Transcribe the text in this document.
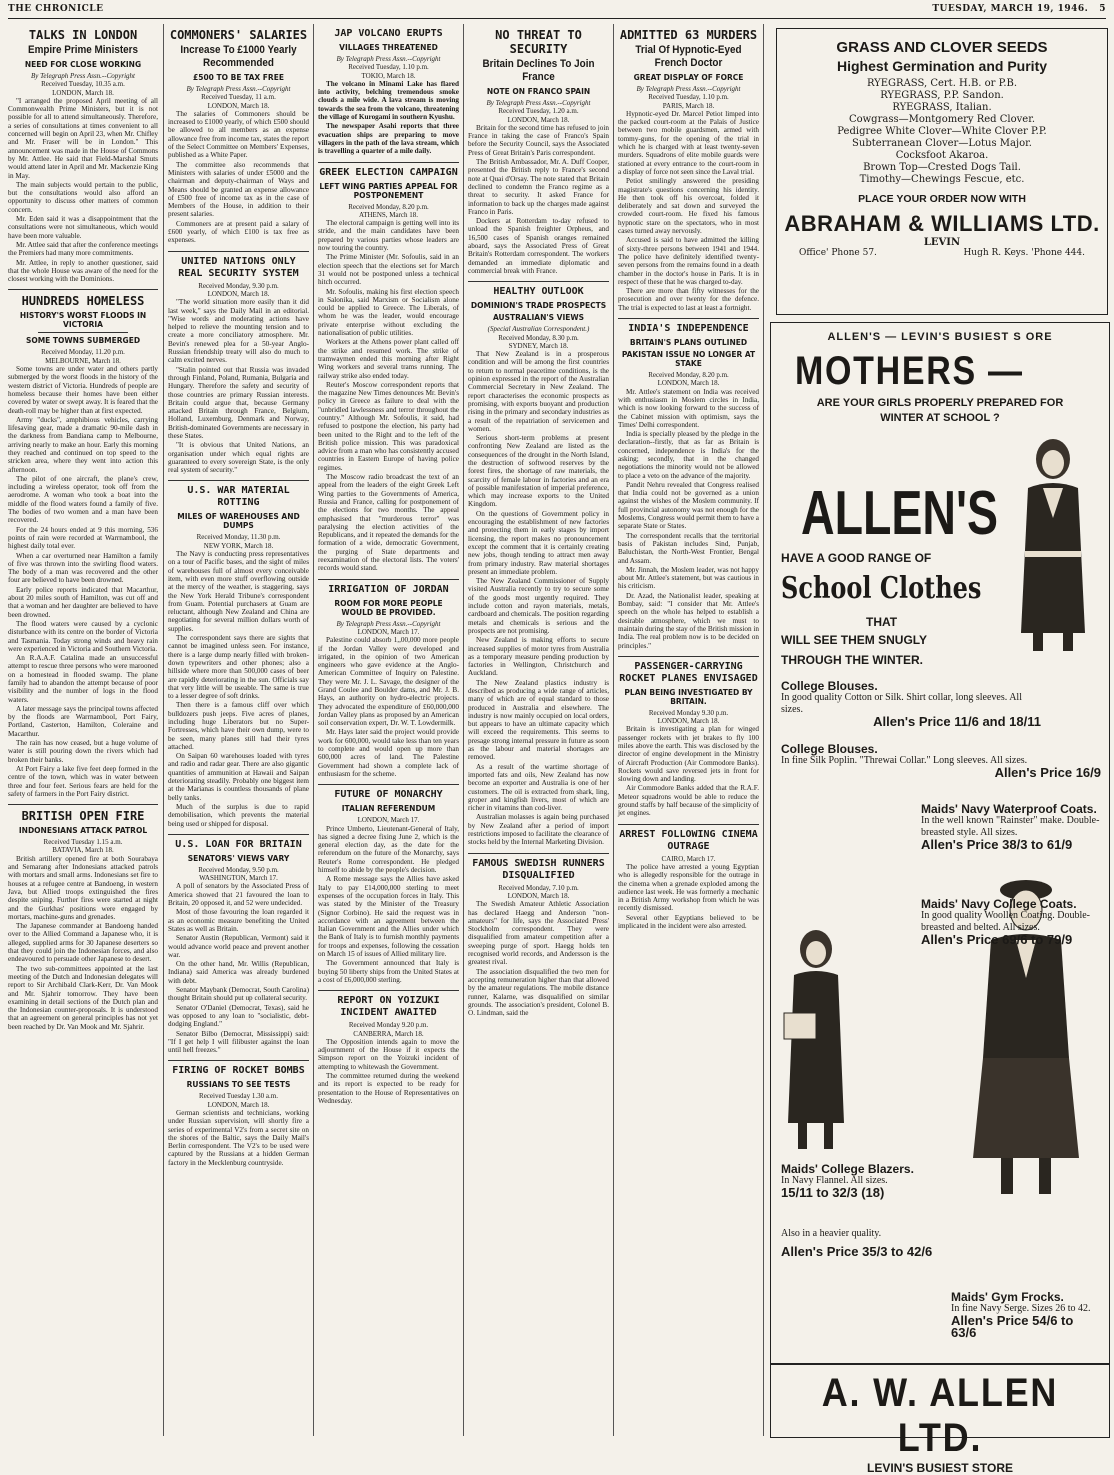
THE CHRONICLE	TUESDAY, MARCH 19, 1946. 5
TALKS IN LONDON
Empire Prime Ministers
NEED FOR CLOSE WORKING
By Telegraph Press Assn.--Copyright
Received Tuesday, 10.35 a.m.
LONDON, March 18.

"I arranged the proposed April meeting of all Commonwealth Prime Ministers, but it is not possible for all to attend simultaneously. Therefore, a series of consultations at times convenient to all concerned will begin on April 23, when Mr. Chifley and Mr. Fraser will be in London." This announcement was made in the House of Commons by Mr. Attlee. He said that Field-Marshal Smuts would attend later in April and Mr. Mackenzie King in May.

The main subjects would pertain to the public, but the consultations would also afford an opportunity to discuss other matters of common concern.

Mr. Eden said it was a disappointment that the consultations were not simultaneous, which would have been more valuable.

Mr. Attlee said that after the conference meetings the Premiers had many more commitments.

Mr. Attlee, in reply to another questioner, said that the whole House was aware of the need for the closest working with the Dominions.

HUNDREDS HOMELESS
HISTORY'S WORST FLOODS IN VICTORIA
SOME TOWNS SUBMERGED
Received Monday, 11.20 p.m.
MELBOURNE, March 18.

Some towns are under water and others partly submerged by the worst floods in the history of the western district of Victoria. Hundreds of people are homeless because their homes have been either covered by water or swept away. It is feared that the death-roll may be higher than at first expected.

Army "ducks", amphibious vehicles, carrying lifesaving gear, made a dramatic 90-mile dash in the darkness from Bandiana camp to Melbourne, arriving nearly to make an hour. Early this morning they reached and continued on top speed to the stricken area, where they went into action this afternoon.

The pilot of one aircraft, the plane's crew, including a wireless operator, took off from the aerodrome. A woman who took a boat into the middle of the flood waters found a family of five. The bodies of two women and a man have been recovered.

For the 24 hours ended at 9 this morning, 536 points of rain were recorded at Warrnambool, the highest daily total ever.

When a car overturned near Hamilton a family of five was thrown into the swirling flood waters. The body of a man was recovered and the other four are believed to have been drowned.

Early police reports indicated that Macarthur, about 20 miles south of Hamilton, was cut off and that a woman and her daughter are believed to have been drowned.

The flood waters were caused by a cyclonic disturbance with its centre on the border of Victoria and Tasmania. Today strong winds and heavy rain were experienced in Victoria and Southern Victoria.

An R.A.A.F. Catalina made an unsuccessful attempt to rescue three persons who were marooned on a homestead in flooded swamp. The plane family had to abandon the attempt because of poor visibility and the number of logs in the flood waters.

A later message says the principal towns affected by the floods are Warrnambool, Port Fairy, Portland, Casterton, Hamilton, Coleraine and Macarthur.

The rain has now ceased, but a huge volume of water is still pouring down the rivers which had broken their banks.

At Port Fairy a lake five feet deep formed in the centre of the town, which was in water between three and four feet. Serious fears are held for the safety of farmers in the Port Fairy district.

BRITISH OPEN FIRE
INDONESIANS ATTACK PATROL
Received Tuesday 1.15 a.m.
BATAVIA, March 18.

British artillery opened fire at both Sourabaya and Semarang after Indonesians attacked patrols with mortars and small arms. Indonesians set fire to houses at a refugee centre at Bandoeng, in western Java, but Allied troops extinguished the fires despite sniping. Further fires were started at night and the Gurkhas' positions were engaged by mortars, machine-guns and grenades.

The Japanese commander at Bandoeng handed over to the Allied Command a Japanese who, it is alleged, supplied arms for 30 Japanese deserters so that they could join the Indonesian forces, and also endeavoured to persuade other Japanese to desert.

The two sub-committees appointed at the last meeting of the Dutch and Indonesian delegates will report to Sir Archibald Clark-Kerr, Dr. Van Mook and Mr. Sjahrir tomorrow. They have been examining in detail sections of the Dutch plan and the Indonesian counter-proposals. It is understood that an agreement on general principles has not yet been reached by Dr. Van Mook and Mr. Sjahrir.

COMMONERS' SALARIES
Increase To £1000 Yearly Recommended
£500 TO BE TAX FREE
By Telegraph Press Assn.--Copyright
Received Tuesday, 11 a.m.
LONDON, March 18.

The salaries of Commoners should be increased to £1000 yearly, of which £500 should be allowed to all members as an expense allowance free from income tax, states the report of the Select Committee on Members' Expenses, published as a White Paper.

The committee also recommends that Ministers with salaries of under £5000 and the chairman and deputy-chairman of Ways and Means should be granted an expense allowance of £500 free of income tax as in the case of Members of the House, in addition to their present salaries.

Commoners are at present paid a salary of £600 yearly, of which £100 is tax free as expenses.

UNITED NATIONS ONLY REAL SECURITY SYSTEM
Received Monday, 9.30 p.m.
LONDON, March 18.

"The world situation more easily than it did last week," says the Daily Mail in an editorial. "Wise words and moderating actions have helped to relieve the mounting tension and to create a more conciliatory atmosphere. Mr. Bevin's renewed plea for a 50-year Anglo-Russian friendship treaty will also do much to calm excited nerves.

"Stalin pointed out that Russia was invaded through Finland, Poland, Rumania, Bulgaria and Hungary. Therefore the safety and security of those countries are primary Russian interests. Britain could argue that, because Germany attacked Britain through France, Belgium, Holland, Luxemburg, Denmark and Norway, British-dominated Governments are necessary in these States.

"It is obvious that United Nations, an organisation under which equal rights are guaranteed to every sovereign State, is the only real system of security."

U.S. WAR MATERIAL ROTTING
MILES OF WAREHOUSES AND DUMPS
Received Monday, 11.30 p.m.
NEW YORK, March 18.

The Navy is conducting press representatives on a tour of Pacific bases, and the sight of miles of warehouses full of almost every conceivable item, with even more stuff overflowing outside at the mercy of the weather, is staggering, says the New York Herald Tribune's correspondent from Guam. Potential purchasers at Guam are reluctant, although New Zealand and China are negotiating for several million dollars worth of supplies.

The correspondent says there are sights that cannot be imagined unless seen. For instance, there is a large dump nearly filled with broken-down typewriters and other phones; also a hillside where more than 500,000 cases of beer are rapidly deteriorating in the sun. Officials say that very little will be useable. The same is true to a lesser degree of soft drinks.

Then there is a famous cliff over which bulldozers push jeeps. Five acres of planes, including huge Liberators but no Super-Fortresses, which have their own dump, were to be seen, many planes still had their tyres attached.

On Saipan 60 warehouses loaded with tyres and radio and radar gear. There are also gigantic quantities of ammunition at Hawaii and Saipan deteriorating steadily. Probably one biggest item at the Marianas is countless thousands of plane belly tanks.

Much of the surplus is due to rapid demobilisation, which prevents the material being used or shipped for disposal.

U.S. LOAN FOR BRITAIN
SENATORS' VIEWS VARY
Received Monday, 9.50 p.m.
WASHINGTON, March 17.

A poll of senators by the Associated Press of America showed that 21 favoured the loan to Britain, 20 opposed it, and 52 were undecided.

Most of those favouring the loan regarded it as an economic measure benefiting the United States as well as Britain.

Senator Austin (Republican, Vermont) said it would advance world peace and prevent another war.

On the other hand, Mr. Willis (Republican, Indiana) said America was already burdened with debt.

Senator Maybank (Democrat, South Carolina) thought Britain should put up collateral security.

Senator O'Daniel (Democrat, Texas), said he was opposed to any loan to "socialistic, debt-dodging England."

Senator Bilbo (Democrat, Mississippi) said: "If I get help I will filibuster against the loan until hell freezes."

FIRING OF ROCKET BOMBS
RUSSIANS TO SEE TESTS
Received Tuesday 1.30 a.m.
LONDON, March 18.

German scientists and technicians, working under Russian supervision, will shortly fire a series of experimental V2's from a secret site on the shores of the Baltic, says the Daily Mail's Berlin correspondent. The V2's to be used were captured by the Russians at a hidden German factory in the Mecklenburg countryside.

JAP VOLCANO ERUPTS
VILLAGES THREATENED
By Telegraph Press Assn.--Copyright
Received Tuesday, 1.10 p.m.
TOKIO, March 18.

The volcano in Minami Lake has flared into activity, belching tremendous smoke clouds a mile wide. A lava stream is moving towards the sea from the volcano, threatening the village of Kurogami in southern Kyushu.

The newspaper Asahi reports that three evacuation ships are preparing to move villagers in the path of the lava stream, which is travelling a quarter of a mile daily.

GREEK ELECTION CAMPAIGN
LEFT WING PARTIES APPEAL FOR POSTPONEMENT
Received Monday, 8.20 p.m.
ATHENS, March 18.

The electoral campaign is getting well into its stride, and the main candidates have been prepared by various parties whose leaders are now touring the country.

The Prime Minister (Mr. Sofoulis, said in an election speech that the elections set for March 31 would not be postponed unless a technical hitch occurred.

Mr. Sofoulis, making his first election speech in Salonika, said Marxism or Socialism alone could be applied to Greece. The Liberals, of whom he was the leader, would encourage private enterprise without excluding the nationalisation of public utilities.

Workers at the Athens power plant called off the strike and resumed work. The strike of tramwaymen ended this morning after Right Wing workers and several trams running. The railway strike also ended today.

Reuter's Moscow correspondent reports that the magazine New Times denounces Mr. Bevin's policy in Greece as failure to deal with the "unbridled lawlessness and terror throughout the country." Although Mr. Sofoulis, it said, had refused to postpone the election, his party had been united to the Right and to the left of the British police mission. This was paradoxical advice from a man who has consistently accused countries in Eastern Europe of having police regimes.

The Moscow radio broadcast the text of an appeal from the leaders of the eight Greek Left Wing parties to the Governments of America, Russia and France, calling for postponement of the elections for two months. The appeal emphasised that "murderous terror" was paralysing the election activities of the Republicans, and it repeated the demands for the formation of a wide, democratic Government, the purging of State departments and reexamination of the electoral lists. The voters' records would stand.

IRRIGATION OF JORDAN
ROOM FOR MORE PEOPLE WOULD BE PROVIDED.
By Telegraph Press Assn.--Copyright
LONDON, March 17.

Palestine could absorb 1,,00,000 more people if the Jordan Valley were developed and irrigated, in the opinion of two American engineers who gave evidence at the Anglo-American Committee of Inquiry on Palestine. They were Mr. J. L. Savage, the designer of the Grand Coulee and Boulder dams, and Mr. J. B. Hays, an authority on hydro-electric projects. They advocated the expenditure of £60,000,000 Jordan Valley plans as proposed by an American soil conservation expert, Dr. W. T. Lowdermilk.

Mr. Hays later said the project would provide work for 600,000, would take less than ten years to complete and would open up more than 600,000 acres of land. The Palestine Government had shown a complete lack of enthusiasm for the scheme.

FUTURE OF MONARCHY
ITALIAN REFERENDUM
LONDON, March 17.

Prince Umberto, Lieutenant-General of Italy, has signed a decree fixing June 2, which is the general election day, as the date for the referendum on the future of the Monarchy, says Reuter's Rome correspondent. He pledged himself to abide by the people's decision.

A Rome message says the Allies have asked Italy to pay £14,000,000 sterling to meet expenses of the occupation forces in Italy. This was stated by the Minister of the Treasury (Signor Corbino). He said the request was in accordance with an agreement between the Italian Government and the Allies under which the Bank of Italy is to furnish monthly payments for troops and expenses, following the cessation on March 15 of issues of Allied military lire.

The Government announced that Italy is buying 50 liberty ships from the United States at a cost of £6,000,000 sterling.

REPORT ON YOIZUKI INCIDENT AWAITED
Received Monday 9.20 p.m.
CANBERRA, March 18.

The Opposition intends again to move the adjournment of the House if it expects the Simpson report on the Yoizuki incident of attempting to whitewash the Government.

The committee returned during the weekend and its report is expected to be ready for presentation to the House of Representatives on Wednesday.

NO THREAT TO SECURITY
Britain Declines To Join France
NOTE ON FRANCO SPAIN
By Telegraph Press Assn.--Copyright
Received Tuesday, 1.20 a.m.
LONDON, March 18.

Britain for the second time has refused to join France in taking the case of Franco's Spain before the Security Council, says the Associated Press of Great Britain's Paris correspondent.

The British Ambassador, Mr. A. Duff Cooper, presented the British reply to France's second note at Quai d'Orsay. The note stated that Britain declined to condemn the Franco regime as a threat to security. It asked France for information to back up the charges made against Franco in Paris.

Dockers at Rotterdam to-day refused to unload the Spanish freighter Orpheus, and 16,500 cases of Spanish oranges remained aboard, says the Associated Press of Great Britain's Rotterdam correspondent. The workers demanded an immediate diplomatic and commercial break with France.

HEALTHY OUTLOOK
DOMINION'S TRADE PROSPECTS
AUSTRALIAN'S VIEWS
(Special Australian Correspondent.)
Received Monday, 8.30 p.m.
SYDNEY, March 18.

That New Zealand is in a prosperous condition and will be among the first countries to return to normal peacetime conditions, is the opinion expressed in the report of the Australian Commercial Secretary in New Zealand. The report characterises the economic prospects as promising, with exports buoyant and production rising in the primary and secondary industries as a result of the repatriation of servicemen and women.

Serious short-term problems at present confronting New Zealand are listed as the consequences of the drought in the North Island, the destruction of softwood reserves by the forest fires, the shortage of raw materials, the scarcity of female labour in factories and an era of possible manifestation of imperial preference, which may increase exports to the United Kingdom.

On the questions of Government policy in encouraging the establishment of new factories and protecting them in early stages by import licensing, the report makes no pronouncement except the comment that it is certainly creating new jobs, though tending to attract men away from primary industry. Raw material shortages present an immediate problem.

The New Zealand Commissioner of Supply visited Australia recently to try to secure some of the goods most urgently required. They include cotton and rayon materials, metals, cardboard and chemicals. The position regarding metals and chemicals is serious and the prospects are not promising.

New Zealand is making efforts to secure increased supplies of motor tyres from Australia as a temporary measure pending production by factories in Wellington, Christchurch and Auckland.

The New Zealand plastics industry is described as producing a wide range of articles, many of which are of equal standard to those produced in Australia and elsewhere. The industry is now mainly occupied on local orders, but appears to have an ultimate capacity which will exceed the requirements. This seems to presage strong internal pressure in future as soon as the labour and material shortages are removed.

As a result of the wartime shortage of imported fats and oils, New Zealand has now become an exporter and Australia is one of her customers. The oil is extracted from shark, ling, groper and kingfish livers, most of which are richer in vitamins than cod-liver.

Australian molasses is again being purchased by New Zealand after a period of import restrictions imposed to facilitate the clearance of stocks held by the Internal Marketing Division.

FAMOUS SWEDISH RUNNERS DISQUALIFIED
Received Monday, 7.10 p.m.
LONDON, March 18.

The Swedish Amateur Athletic Association has declared Haegg and Anderson "non-amateurs" for life, says the Associated Press' Stockholm correspondent. They were disqualified from amateur competition after a sweeping purge of sport. Haegg holds ten recognised world records, and Andersson is the greatest rival.

The association disqualified the two men for accepting remuneration higher than that allowed by the amateur regulations. The mobile distance runner, Kalarne, was disqualified on similar grounds. The association's president, Colonel B. O. Lindman, said the

ADMITTED 63 MURDERS
Trial Of Hypnotic-Eyed French Doctor
GREAT DISPLAY OF FORCE
By Telegraph Press Assn.--Copyright
Received Tuesday, 1.10 p.m.
PARIS, March 18.

Hypnotic-eyed Dr. Marcel Petiot limped into the packed court-room at the Palais of Justice between two mobile guardsmen, armed with tommy-guns, for the opening of the trial in which he is charged with at least twenty-seven murders. Squadrons of elite mobile guards were stationed at every entrance to the court-room in a display of force not seen since the Laval trial.

Petiot smilingly answered the presiding magistrate's questions concerning his identity. He then took off his overcoat, folded it deliberately and sat down and surveyed the crowded court-room. He fixed his famous hypnotic stare on the spectators, who in most cases turned away nervously.

Accused is said to have admitted the killing of sixty-three persons between 1941 and 1944. The police have definitely identified twenty-seven persons from the remains found in a death chamber in the doctor's house in Paris. It is in respect of these that he was charged to-day.

There are more than fifty witnesses for the prosecution and over twenty for the defence. The trial is expected to last at least a fortnight.

INDIA'S INDEPENDENCE
BRITAIN'S PLANS OUTLINED
PAKISTAN ISSUE NO LONGER AT STAKE
Received Monday, 8.20 p.m.
LONDON, March 18.

Mr. Attlee's statement on India was received with enthusiasm in Moslem circles in India, which is now looking forward to the success of the Cabinet mission with optimism, says the Times' Delhi correspondent.

India is specially pleased by the pledge in the declaration--firstly, that as far as Britain is concerned, independence is India's for the asking; secondly, that in the changed negotiations the minority would not be allowed to place a veto on the advance of the majority.

Pandit Nehru revealed that Congress realised that India could not be governed as a union against the wishes of the Moslem community. If full provincial autonomy was not enough for the Moslems, Congress would permit them to have a separate State or States.

The correspondent recalls that the territorial basis of Pakistan includes Sind, Punjab, Baluchistan, the North-West Frontier, Bengal and Assam.

Mr. Jinnah, the Moslem leader, was not happy about Mr. Attlee's statement, but was cautious in his criticism.

Dr. Azad, the Nationalist leader, speaking at Bombay, said: "I consider that Mr. Attlee's speech on the whole has helped to establish a desirable atmosphere, which we must to maintain during the stay of the British mission in India. The real problem now is to be decided on principles."

PASSENGER-CARRYING ROCKET PLANES ENVISAGED
PLAN BEING INVESTIGATED BY BRITAIN.
Received Monday 9.30 p.m.
LONDON, March 18.

Britain is investigating a plan for winged passenger rockets with jet brakes to fly 100 miles above the earth. This was disclosed by the director of engine development in the Ministry of Aircraft Production (Air Commodore Banks). Rockets would save reversed jets in front for slowing down and landing.

Air Commodore Banks added that the R.A.F. Meteor squadrons would be able to reduce the ground staffs by half because of the simplicity of jet engines.

ARREST FOLLOWING CINEMA OUTRAGE
CAIRO, March 17.

The police have arrested a young Egyptian who is allegedly responsible for the outrage in the cinema when a grenade exploded among the audience last week. He was formerly a mechanic in a British Army workshop from which he was recently dismissed.

Several other Egyptians believed to be implicated in the incident were also arrested.

GRASS AND CLOVER SEEDS
Highest Germination and Purity
RYEGRASS, Cert. H.B. or P.B.
RYEGRASS, P.P. Sandon.
RYEGRASS, Italian.
Cowgrass—Montgomery Red Clover.
Pedigree White Clover—White Clover P.P.
Subterranean Clover—Lotus Major.
Cocksfoot Akaroa.
Brown Top—Crested Dogs Tail.
Timothy—Chewings Fescue, etc.
PLACE YOUR ORDER NOW WITH
ABRAHAM & WILLIAMS LTD.
LEVIN
Office' Phone 57.	Hugh R. Keys. 'Phone 444.
ALLEN'S — LEVIN'S BUSIEST S ORE
MOTHERS —
ARE YOUR GIRLS PROPERLY PREPARED FOR
WINTER AT SCHOOL ?
ALLEN'S
HAVE A GOOD RANGE OF
School Clothes
THAT
WILL SEE THEM SNUGLY
THROUGH THE WINTER.
College Blouses.
In good quality Cotton or Silk. Shirt collar, long sleeves. All sizes.
Allen's Price 11/6 and 18/11
College Blouses.
In fine Silk Poplin. "Threwai Collar." Long sleeves. All sizes.
Allen's Price 16/9
Maids' Navy Waterproof Coats.
In the well known "Rainster" make. Double-breasted style. All sizes.
Allen's Price 38/3 to 61/9
Maids' Navy College Coats.
In good quality Woollen Coating. Double-breasted and belted. All sizes.
Allen's Price 69/6 to 79/9
Maids' College Blazers.
In Navy Flannel. All sizes.
15/11 to 32/3 (18)
Also in a heavier quality.
Allen's Price 35/3 to 42/6
Maids' Gym Frocks.
In fine Navy Serge. Sizes 26 to 42.
Allen's Price 54/6 to 63/6
A. W. ALLEN LTD.
LEVIN'S BUSIEST STORE
